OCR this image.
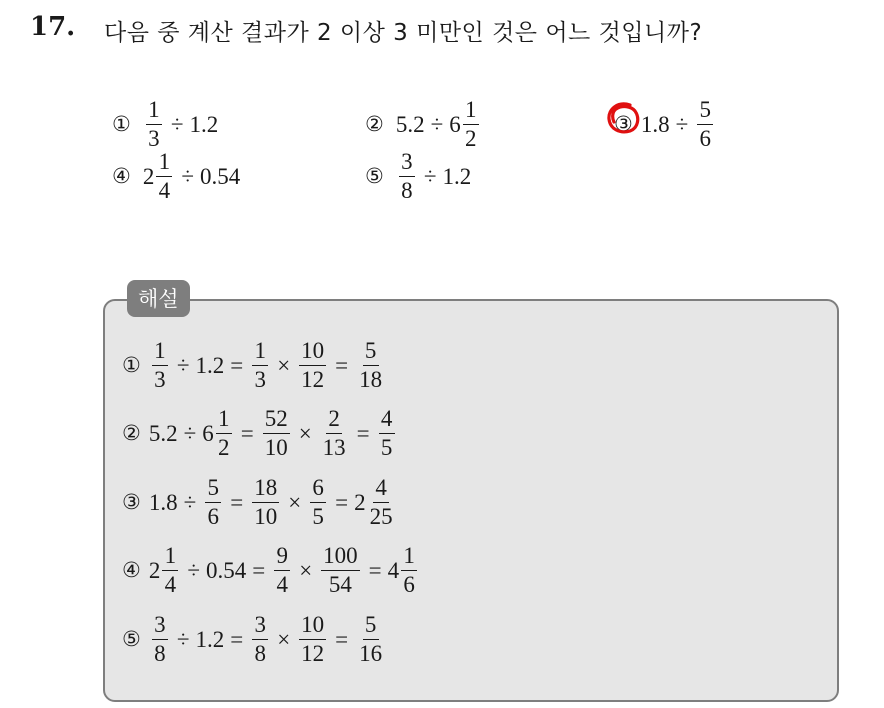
17. 다음 중 계산 결과가 2 이상 3 미만인 것은 어느 것입니까?
① $\frac{1}{3} \div 1.2$	② $5.2 \div 6 \frac{1}{2}$	③ $1.8 \div \frac{5}{6}$
④ $2 \frac{1}{4} \div 0.54$	⑤ $\frac{3}{8} \div 1.2$
해설
① $\frac{1}{3} \div 1.2 = \frac{1}{3} \times \frac{10}{12} = \frac{5}{18}$
② $5.2 \div 6 \frac{1}{2} = \frac{52}{10} \times \frac{2}{13} = \frac{4}{5}$
③ $1.8 \div \frac{5}{6} = \frac{18}{10} \times \frac{6}{5} = 2 \frac{4}{25}$
④ $2 \frac{1}{4} \div 0.54 = \frac{9}{4} \times \frac{100}{54} = 4 \frac{1}{6}$
⑤ $\frac{3}{8} \div 1.2 = \frac{3}{8} \times \frac{10}{12} = \frac{5}{16}$
